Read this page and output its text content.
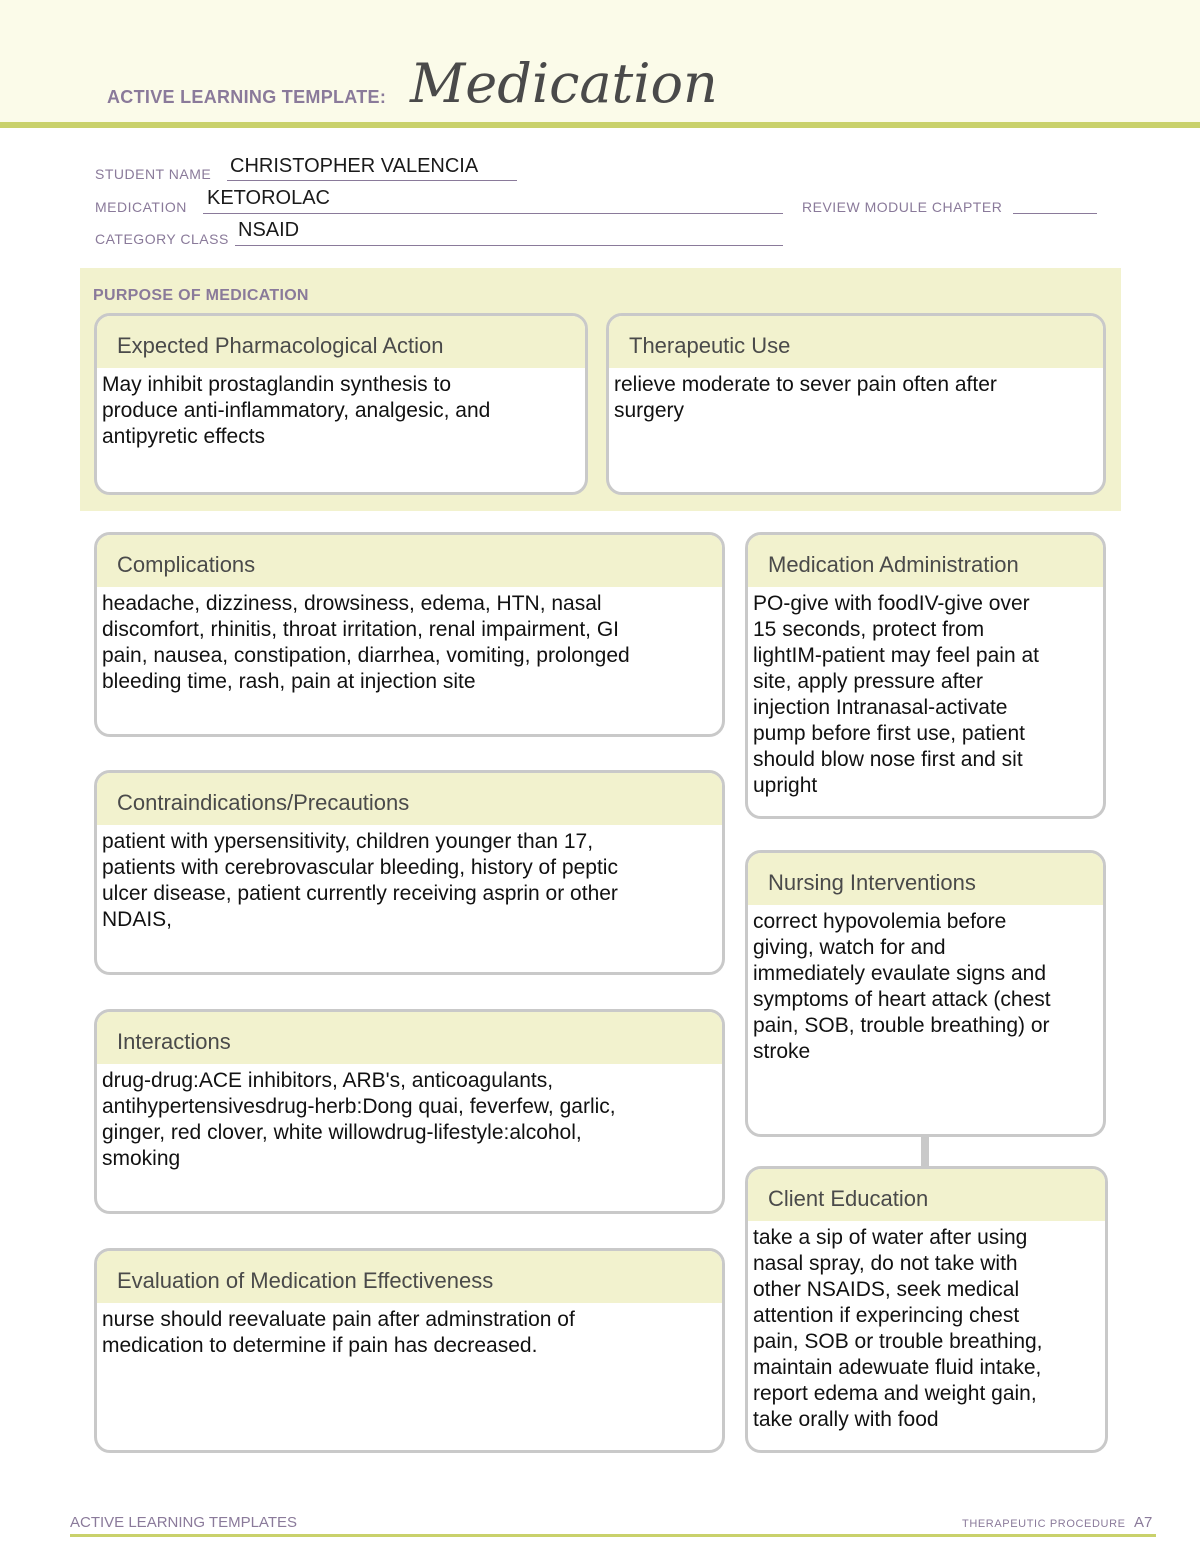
ACTIVE LEARNING TEMPLATE: Medication
STUDENT NAME CHRISTOPHER VALENCIA
MEDICATION KETOROLAC	REVIEW MODULE CHAPTER
CATEGORY CLASS NSAID
PURPOSE OF MEDICATION
Expected Pharmacological Action
May inhibit prostaglandin synthesis to
produce anti-inflammatory, analgesic, and
antipyretic effects
Therapeutic Use
relieve moderate to sever pain often after
surgery
Complications
headache, dizziness, drowsiness, edema, HTN, nasal
discomfort, rhinitis, throat irritation, renal impairment, GI
pain, nausea, constipation, diarrhea, vomiting, prolonged
bleeding time, rash, pain at injection site
Contraindications/Precautions
patient with ypersensitivity, children younger than 17,
patients with cerebrovascular bleeding, history of peptic
ulcer disease, patient currently receiving asprin or other
NDAIS,
Interactions
drug-drug:ACE inhibitors, ARB's, anticoagulants,
antihypertensivesdrug-herb:Dong quai, feverfew, garlic,
ginger, red clover, white willowdrug-lifestyle:alcohol,
smoking
Evaluation of Medication Effectiveness
nurse should reevaluate pain after adminstration of
medication to determine if pain has decreased.
Medication Administration
PO-give with foodIV-give over
15 seconds, protect from
lightIM-patient may feel pain at
site, apply pressure after
injection Intranasal-activate
pump before first use, patient
should blow nose first and sit
upright
Nursing Interventions
correct hypovolemia before
giving, watch for and
immediately evaulate signs and
symptoms of heart attack (chest
pain, SOB, trouble breathing) or
stroke
Client Education
take a sip of water after using
nasal spray, do not take with
other NSAIDS, seek medical
attention if experincing chest
pain, SOB or trouble breathing,
maintain adewuate fluid intake,
report edema and weight gain,
take orally with food
ACTIVE LEARNING TEMPLATES	THERAPEUTIC PROCEDURE A7
